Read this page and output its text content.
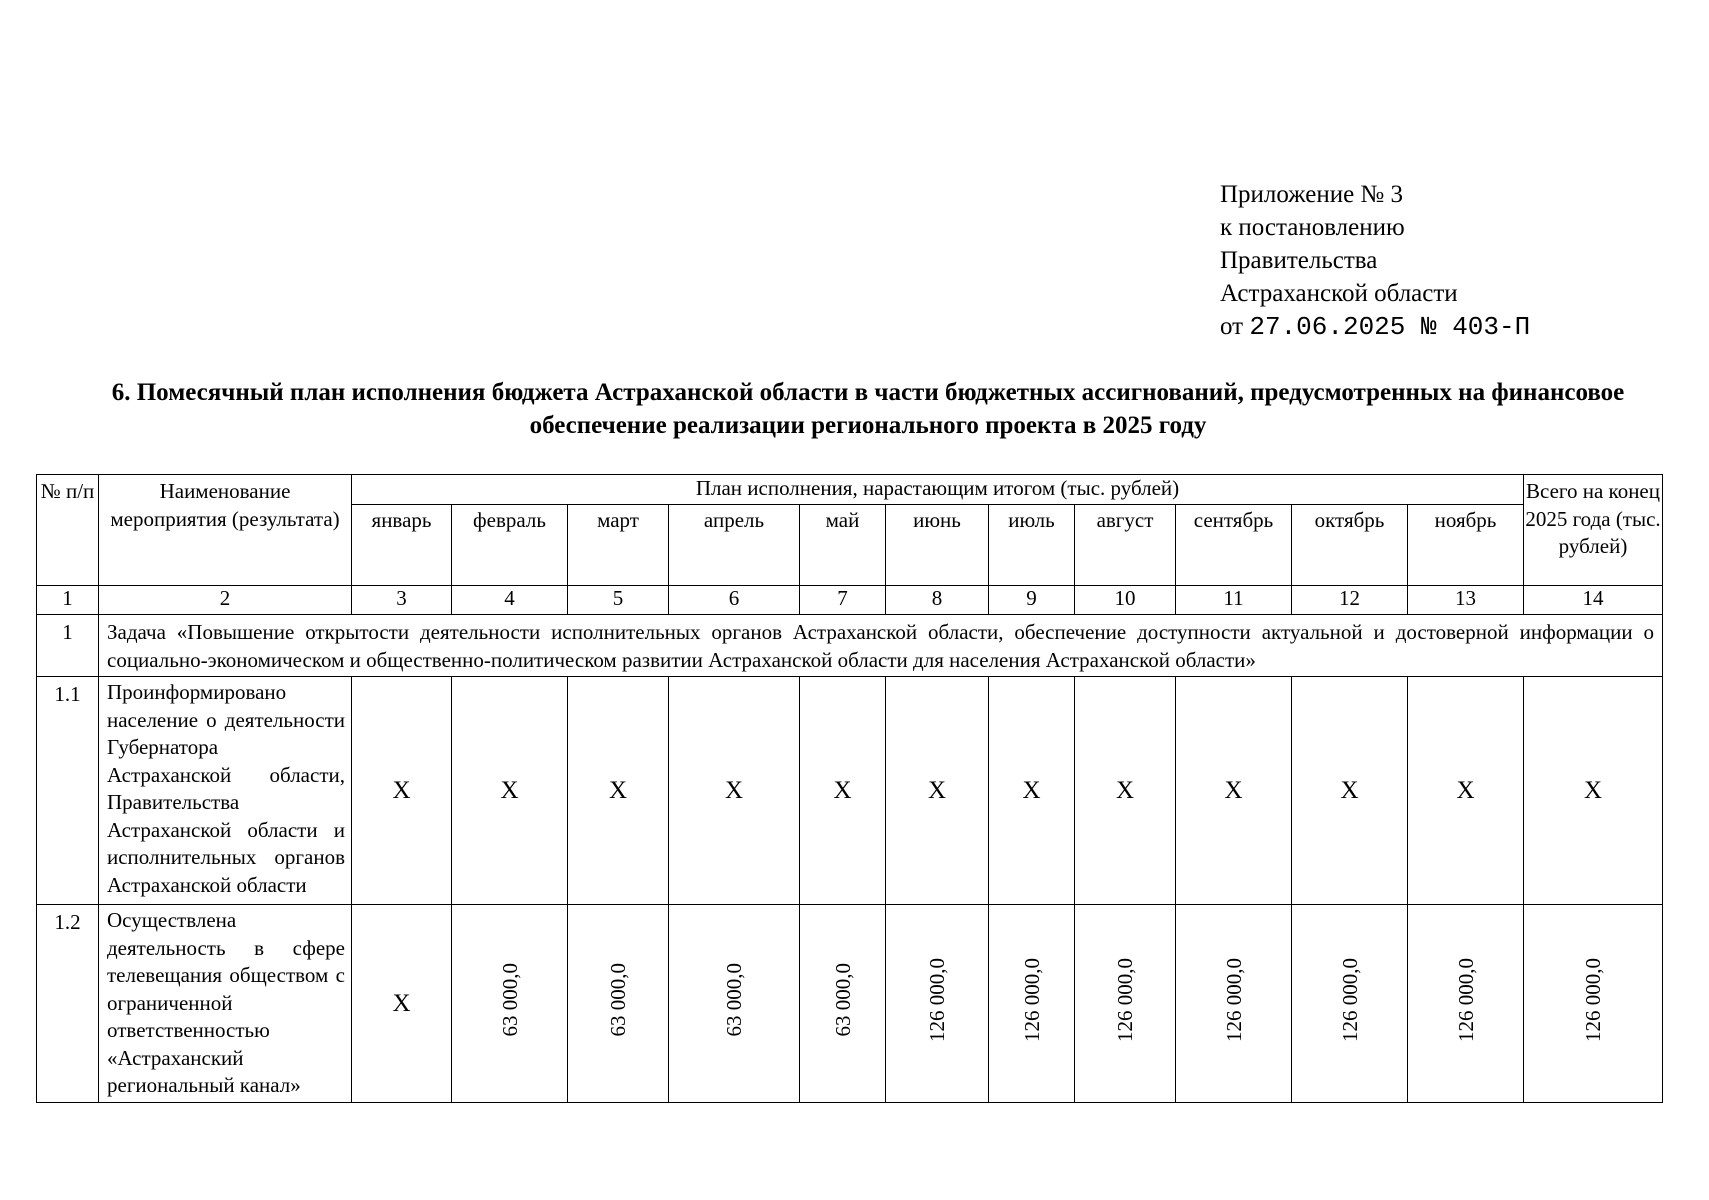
Приложение № 3
к постановлению
Правительства
Астраханской области
от 27.06.2025 № 403-П
6. Помесячный план исполнения бюджета Астраханской области в части бюджетных ассигнований, предусмотренных на финансовое обеспечение реализации регионального проекта в 2025 году
№ п/п	Наименование мероприятия (результата)	План исполнения, нарастающим итогом (тыс. рублей)											Всего на конец 2025 года (тыс. рублей)
		январь	февраль	март	апрель	май	июнь	июль	август	сентябрь	октябрь	ноябрь	
1	2	3	4	5	6	7	8	9	10	11	12	13	14
1	Задача «Повышение открытости деятельности исполнительных органов Астраханской области, обеспечение доступности актуальной и достоверной информации о социально-экономическом и общественно-политическом развитии Астраханской области для населения Астраханской области»												
1.1	Проинформировано население о деятельности Губернатора Астраханской области, Правительства Астраханской области и исполнительных органов Астраханской области	X	X	X	X	X	X	X	X	X	X	X	X
1.2	Осуществлена деятельность в сфере телевещания обществом с ограниченной ответственностью «Астраханский региональный канал»	X	63 000,0	63 000,0	63 000,0	63 000,0	126 000,0	126 000,0	126 000,0	126 000,0	126 000,0	126 000,0	126 000,0
